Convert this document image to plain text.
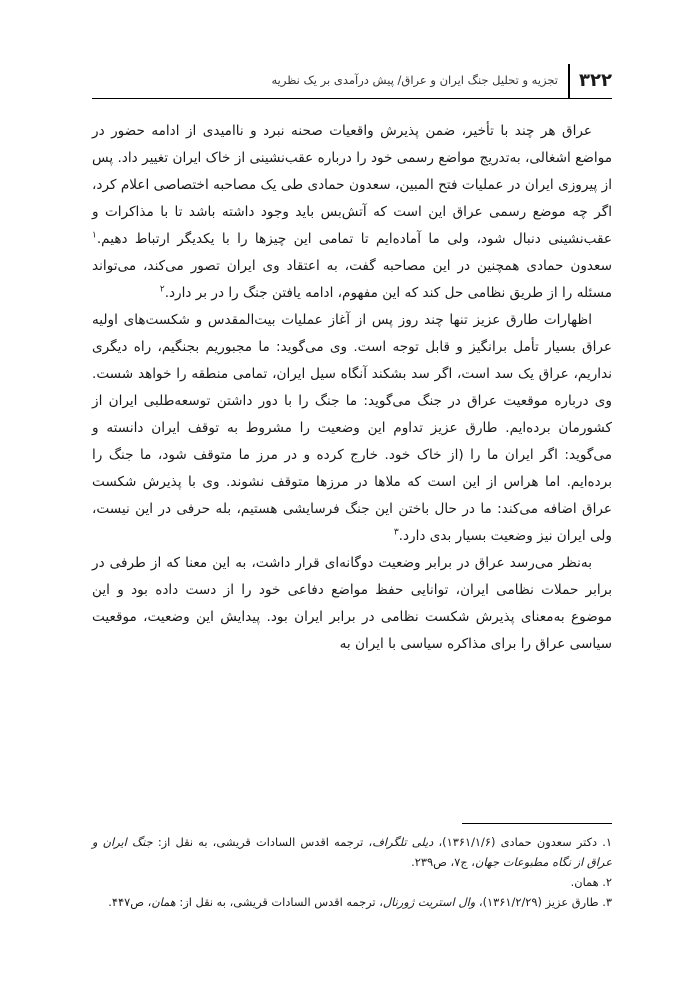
۳۲۲
تجزیه و تحلیل جنگ ایران و عراق/ پیش درآمدی بر یک نظریه

عراق هر چند با تأخیر، ضمن پذیرش واقعیات صحنه نبرد و ناامیدی از ادامه حضور در مواضع اشغالی، به‌تدریج مواضع رسمی خود را درباره عقب‌نشینی از خاک ایران تغییر داد. پس از پیروزی ایران در عملیات فتح المبین، سعدون حمادی طی یک مصاحبه اختصاصی اعلام کرد، اگر چه موضع رسمی عراق این است که آتش‌بس باید وجود داشته باشد تا با مذاکرات و عقب‌نشینی دنبال شود، ولی ما آماده‌ایم تا تمامی این چیزها را با یکدیگر ارتباط دهیم.$^۱$ سعدون حمادی همچنین در این مصاحبه گفت، به اعتقاد وی ایران تصور می‌کند، می‌تواند مسئله را از طریق نظامی حل کند که این مفهوم، ادامه یافتن جنگ را در بر دارد.$^۲$

اظهارات طارق عزیز تنها چند روز پس از آغاز عملیات بیت‌المقدس و شکست‌های اولیه عراق بسیار تأمل برانگیز و قابل توجه است. وی می‌گوید: ما مجبوریم بجنگیم، راه دیگری نداریم، عراق یک سد است، اگر سد بشکند آنگاه سیل ایران، تمامی منطقه را خواهد شست. وی درباره موقعیت عراق در جنگ می‌گوید: ما جنگ را با دور داشتن توسعه‌طلبی ایران از کشورمان برده‌ایم. طارق عزیز تداوم این وضعیت را مشروط به توقف ایران دانسته و می‌گوید: اگر ایران ما را (از خاک خود. خارج کرده و در مرز ما متوقف شود، ما جنگ را برده‌ایم. اما هراس از این است که ملاها در مرزها متوقف نشوند. وی با پذیرش شکست عراق اضافه می‌کند: ما در حال باختن این جنگ فرسایشی هستیم، بله حرفی در این نیست، ولی ایران نیز وضعیت بسیار بدی دارد.$^۳$

به‌نظر می‌رسد عراق در برابر وضعیت دوگانه‌ای قرار داشت، به این معنا که از طرفی در برابر حملات نظامی ایران، توانایی حفظ مواضع دفاعی خود را از دست داده بود و این موضوع به‌معنای پذیرش شکست نظامی در برابر ایران بود. پیدایش این وضعیت، موقعیت سیاسی عراق را برای مذاکره سیاسی با ایران به

۱. دکتر سعدون حمادی (۱۳۶۱/۱/۶)، دیلی تلگراف، ترجمه اقدس السادات قریشی، به نقل از: جنگ ایران و عراق از نگاه مطبوعات جهان، ج۷، ص۲۳۹.

۲. همان.

۳. طارق عزیز (۱۳۶۱/۲/۲۹)، وال استریت ژورنال، ترجمه اقدس السادات قریشی، به نقل از: همان، ص۴۴۷.
